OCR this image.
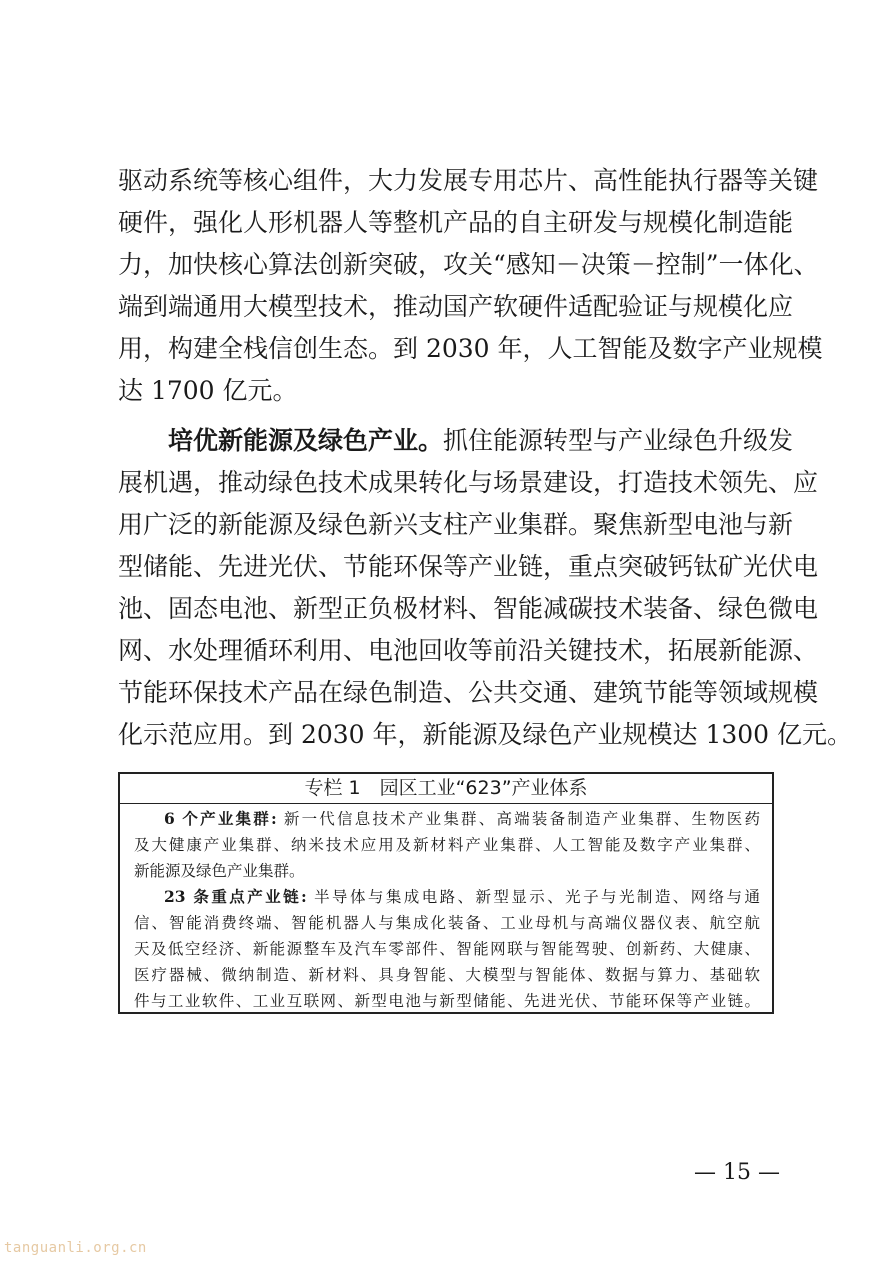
驱动系统等核心组件，大力发展专用芯片、高性能执行器等关键
硬件，强化人形机器人等整机产品的自主研发与规模化制造能
力，加快核心算法创新突破，攻关“感知－决策－控制”一体化、
端到端通用大模型技术，推动国产软硬件适配验证与规模化应
用，构建全栈信创生态。到 2030 年，人工智能及数字产业规模
达 1700 亿元。
培优新能源及绿色产业。抓住能源转型与产业绿色升级发
展机遇，推动绿色技术成果转化与场景建设，打造技术领先、应
用广泛的新能源及绿色新兴支柱产业集群。聚焦新型电池与新
型储能、先进光伏、节能环保等产业链，重点突破钙钛矿光伏电
池、固态电池、新型正负极材料、智能减碳技术装备、绿色微电
网、水处理循环利用、电池回收等前沿关键技术，拓展新能源、
节能环保技术产品在绿色制造、公共交通、建筑节能等领域规模
化示范应用。到 2030 年，新能源及绿色产业规模达 1300 亿元。
专栏 1　园区工业“623”产业体系
6 个产业集群: 新一代信息技术产业集群、高端装备制造产业集群、生物医药
及大健康产业集群、纳米技术应用及新材料产业集群、人工智能及数字产业集群、
新能源及绿色产业集群。
23 条重点产业链: 半导体与集成电路、新型显示、光子与光制造、网络与通
信、智能消费终端、智能机器人与集成化装备、工业母机与高端仪器仪表、航空航
天及低空经济、新能源整车及汽车零部件、智能网联与智能驾驶、创新药、大健康、
医疗器械、微纳制造、新材料、具身智能、大模型与智能体、数据与算力、基础软
件与工业软件、工业互联网、新型电池与新型储能、先进光伏、节能环保等产业链。
— 15 —
tanguanli.org.cn
